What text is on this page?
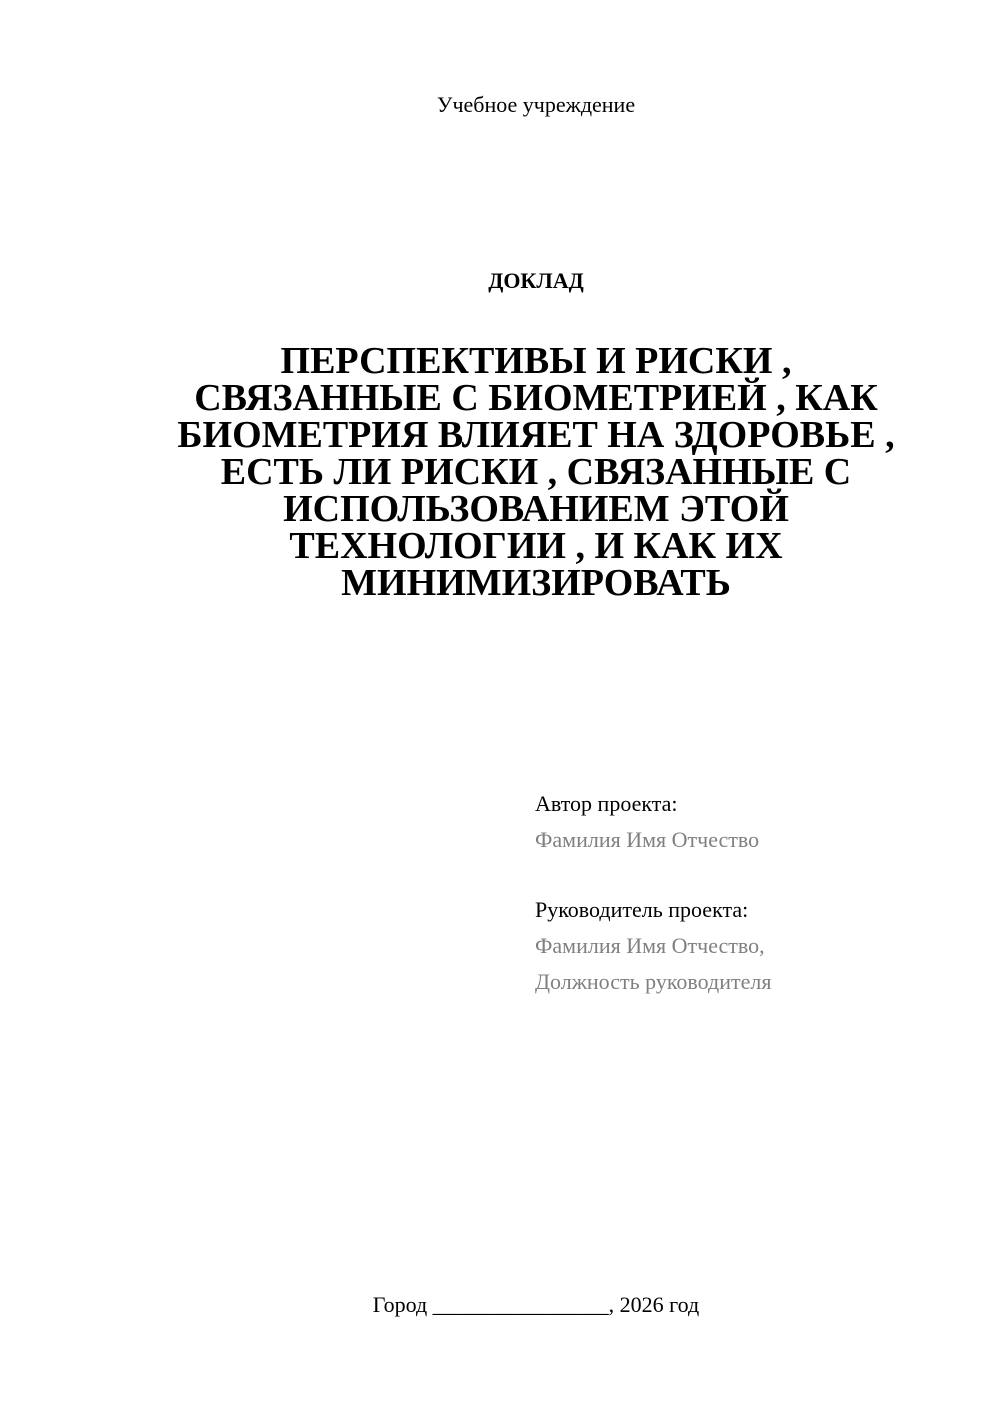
Учебное учреждение
ДОКЛАД
ПЕРСПЕКТИВЫ И РИСКИ ,
СВЯЗАННЫЕ С БИОМЕТРИЕЙ , КАК
БИОМЕТРИЯ ВЛИЯЕТ НА ЗДОРОВЬЕ ,
ЕСТЬ ЛИ РИСКИ , СВЯЗАННЫЕ С
ИСПОЛЬЗОВАНИЕМ ЭТОЙ
ТЕХНОЛОГИИ , И КАК ИХ
МИНИМИЗИРОВАТЬ
Автор проекта:
Фамилия Имя Отчество
Руководитель проекта:
Фамилия Имя Отчество,
Должность руководителя
Город ________________, 2026 год
